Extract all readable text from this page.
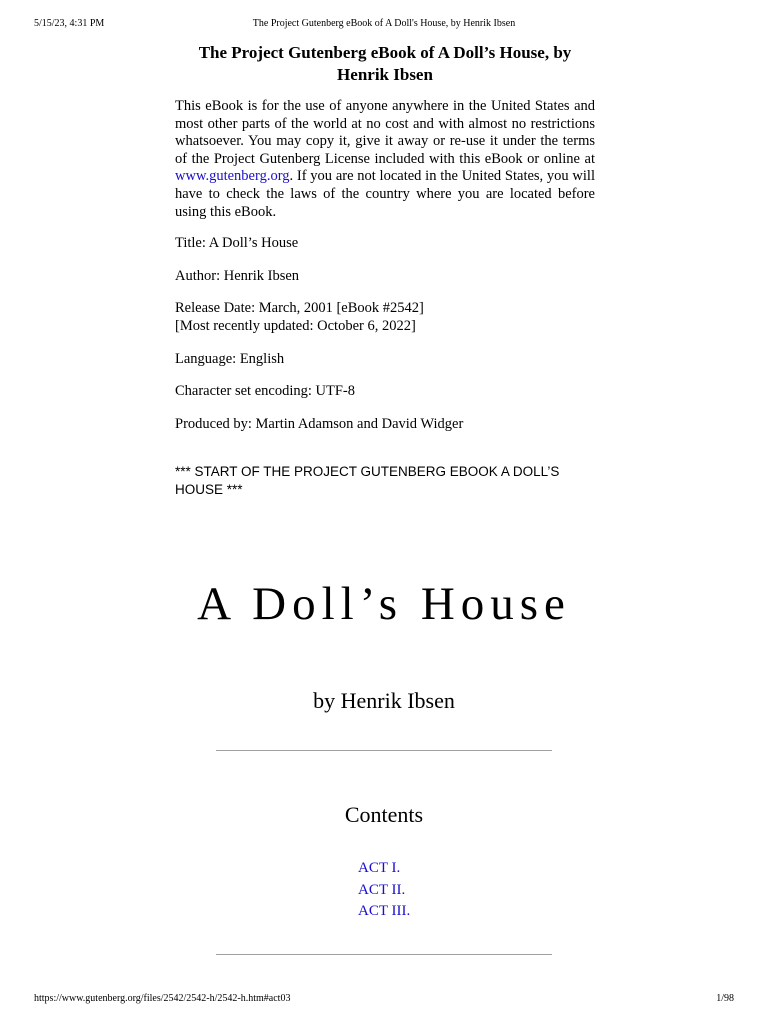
5/15/23, 4:31 PM	The Project Gutenberg eBook of A Doll's House, by Henrik Ibsen
The Project Gutenberg eBook of A Doll’s House, by
Henrik Ibsen

This eBook is for the use of anyone anywhere in the United States and most other parts of the world at no cost and with almost no restrictions whatsoever. You may copy it, give it away or re-use it under the terms of the Project Gutenberg License included with this eBook or online at www.gutenberg.org. If you are not located in the United States, you will have to check the laws of the country where you are located before using this eBook.

Title: A Doll’s House

Author: Henrik Ibsen

Release Date: March, 2001 [eBook #2542]
[Most recently updated: October 6, 2022]

Language: English

Character set encoding: UTF-8

Produced by: Martin Adamson and David Widger

*** START OF THE PROJECT GUTENBERG EBOOK A DOLL’S HOUSE ***

A Doll’s House
by Henrik Ibsen
Contents
ACT I.
ACT II.
ACT III.
https://www.gutenberg.org/files/2542/2542-h/2542-h.htm#act03	1/98
